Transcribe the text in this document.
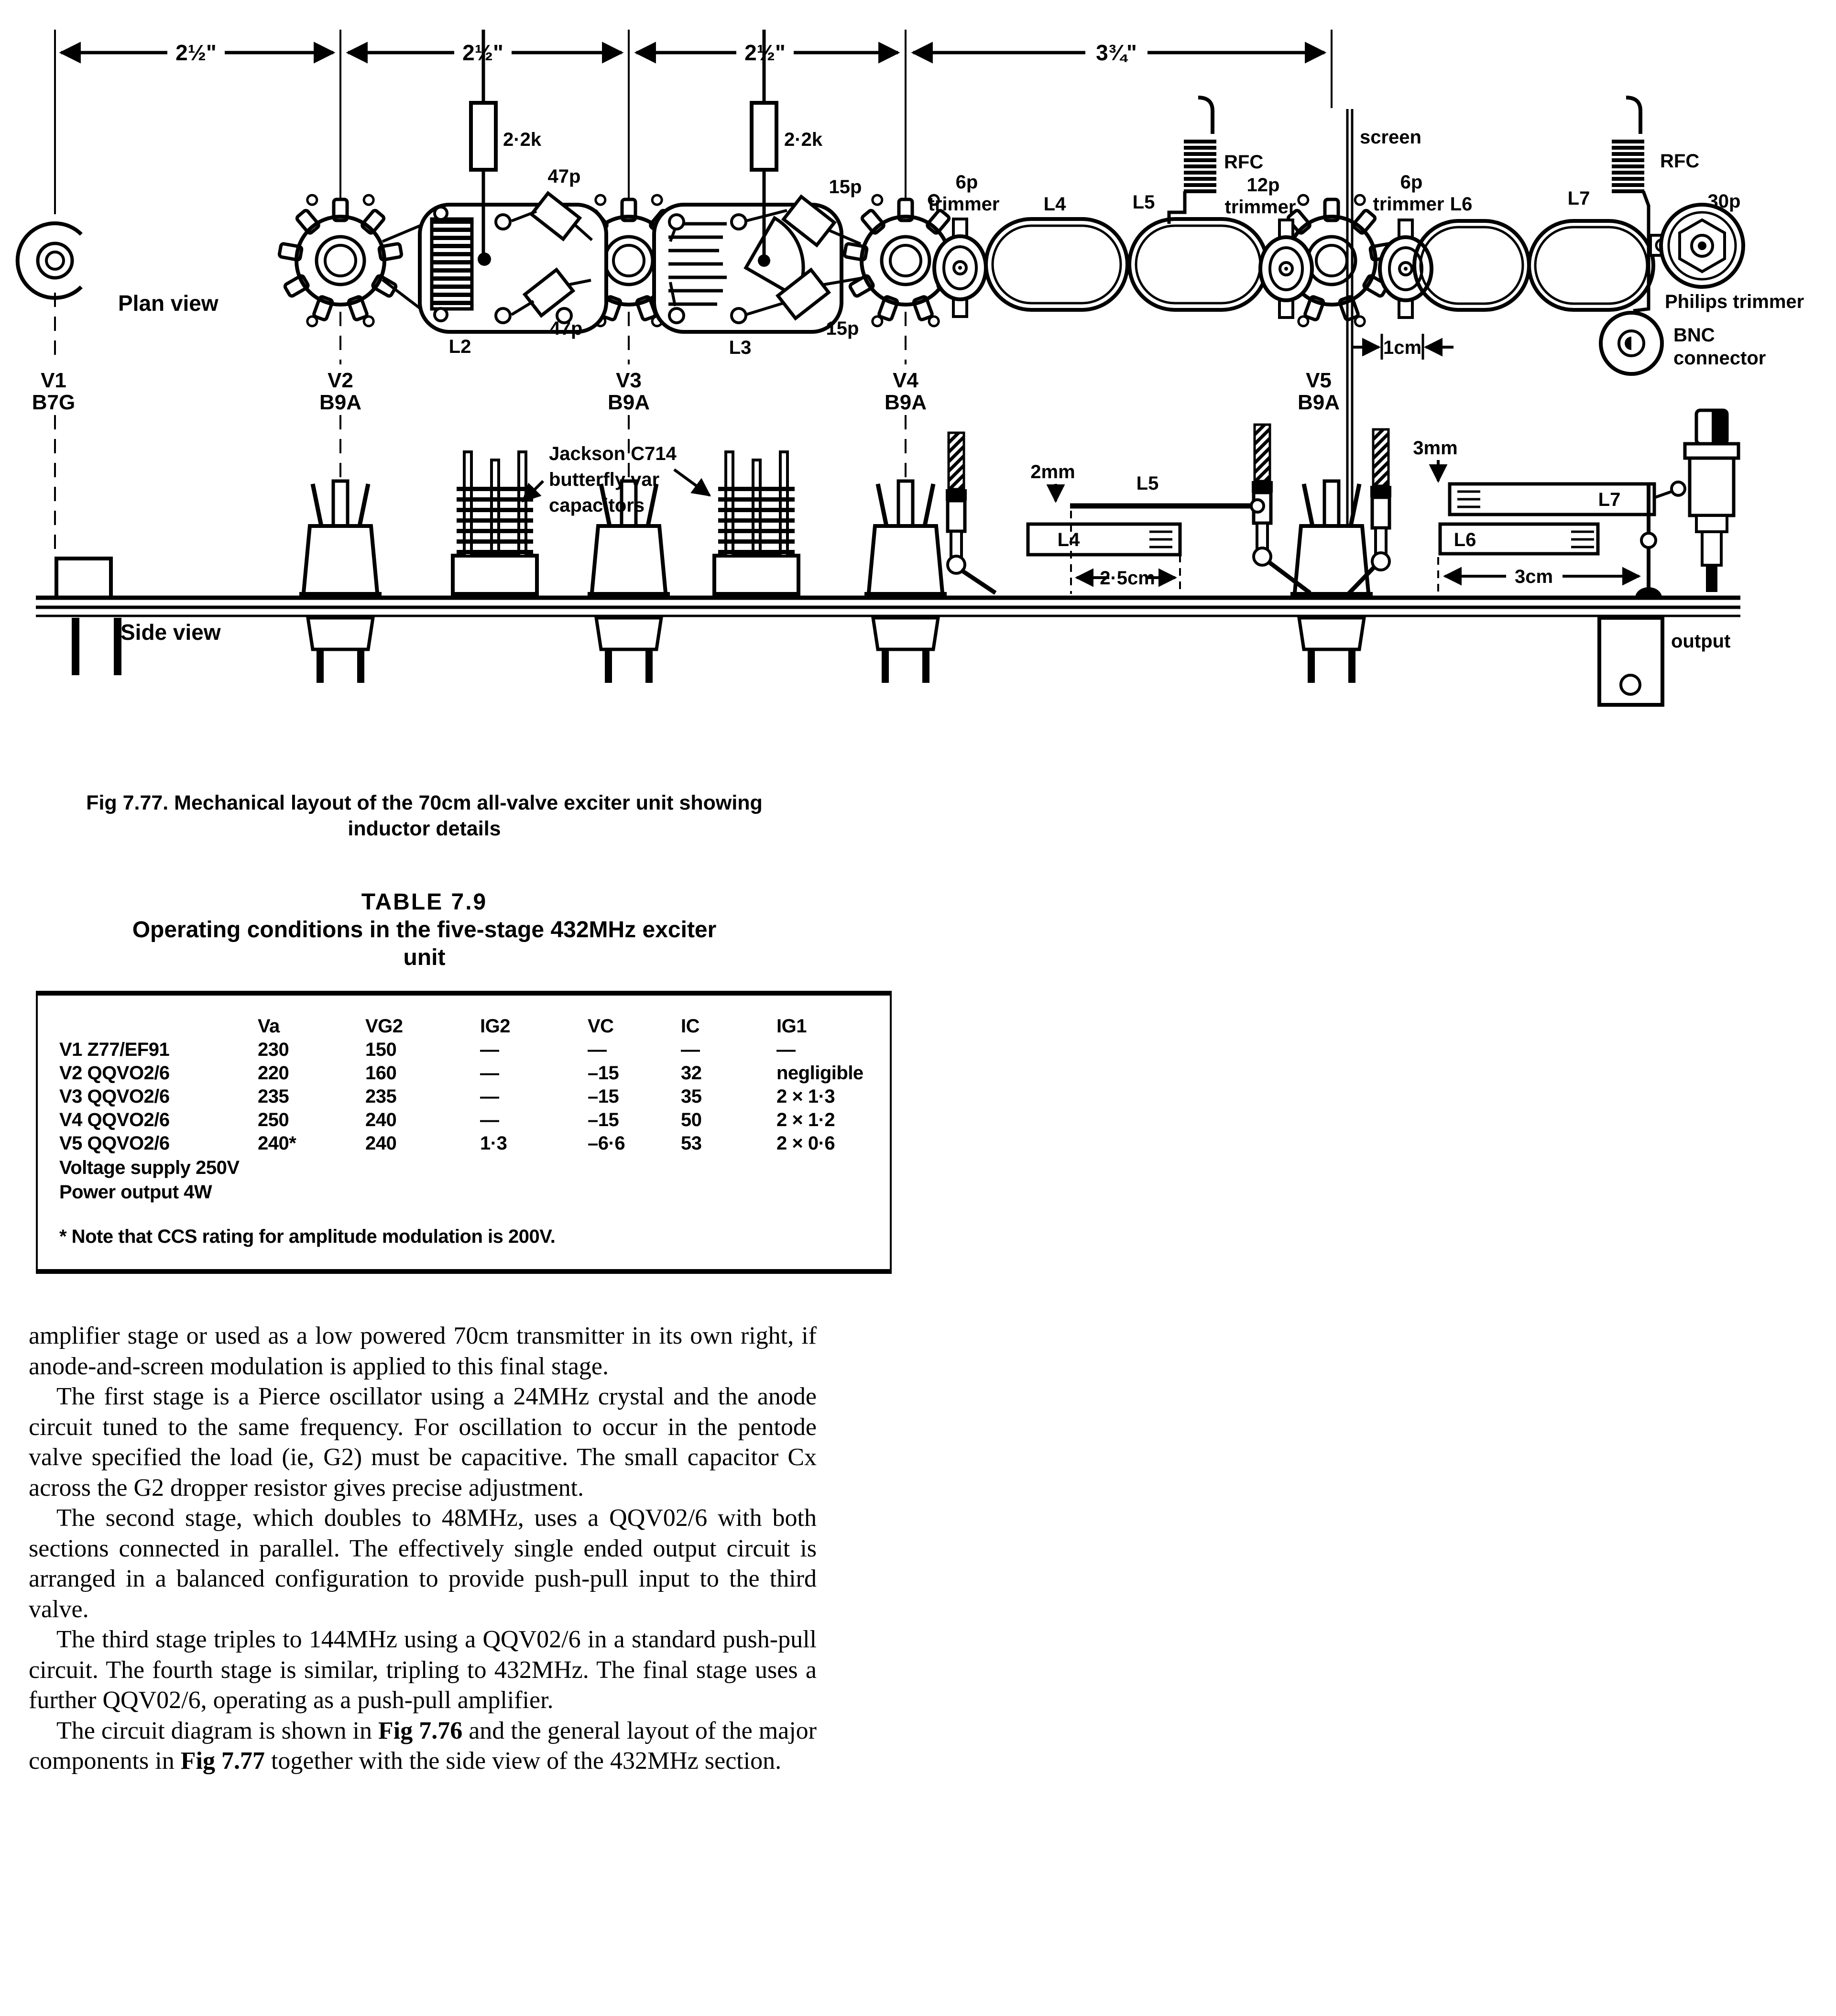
2½"	2½"	2½"	3¾"
Plan view
2·2k	2·2k
47p
47p
15p
15p
L2	L3
6p
trimmer L4	L5
RFC
12p
trimmer
screen
6p
trimmer L6	L7
RFC
30p
Philips trimmer
BNC
connector
1cm
V1
B7G
V2
B9A
V3
B9A
V4
B9A
V5
B9A
Side view
Jackson C714
butterfly var
capacitors
2mm
L5
L4
2·5cm
3mm
L7
L6
3cm
output
Fig 7.77. Mechanical layout of the 70cm all-valve exciter unit showing
inductor details
TABLE 7.9
Operating conditions in the five-stage 432MHz exciter
unit
	Va	VG2	IG2	VC	IC	IG1
V1 Z77/EF91	230	150	—	—	—	—
V2 QQVO2/6	220	160	—	–15	32	negligible
V3 QQVO2/6	235	235	—	–15	35	2 × 1·3
V4 QQVO2/6	250	240	—	–15	50	2 × 1·2
V5 QQVO2/6	240*	240	1·3	–6·6	53	2 × 0·6
Voltage supply 250V
Power output 4W
* Note that CCS rating for amplitude modulation is 200V.

amplifier stage or used as a low powered 70cm transmitter in its own right, if anode-and-screen modulation is applied to this final stage.

The first stage is a Pierce oscillator using a 24MHz crystal and the anode circuit tuned to the same frequency. For oscillation to occur in the pentode valve specified the load (ie, G2) must be capacitive. The small capacitor Cx across the G2 dropper resistor gives precise adjustment.

The second stage, which doubles to 48MHz, uses a QQV02/6 with both sections connected in parallel. The effectively single ended output circuit is arranged in a balanced configuration to provide push-pull input to the third valve.

The third stage triples to 144MHz using a QQV02/6 in a standard push-pull circuit. The fourth stage is similar, tripling to 432MHz. The final stage uses a further QQV02/6, operating as a push-pull amplifier.

The circuit diagram is shown in Fig 7.76 and the general layout of the major components in Fig 7.77 together with the side view of the 432MHz section.
